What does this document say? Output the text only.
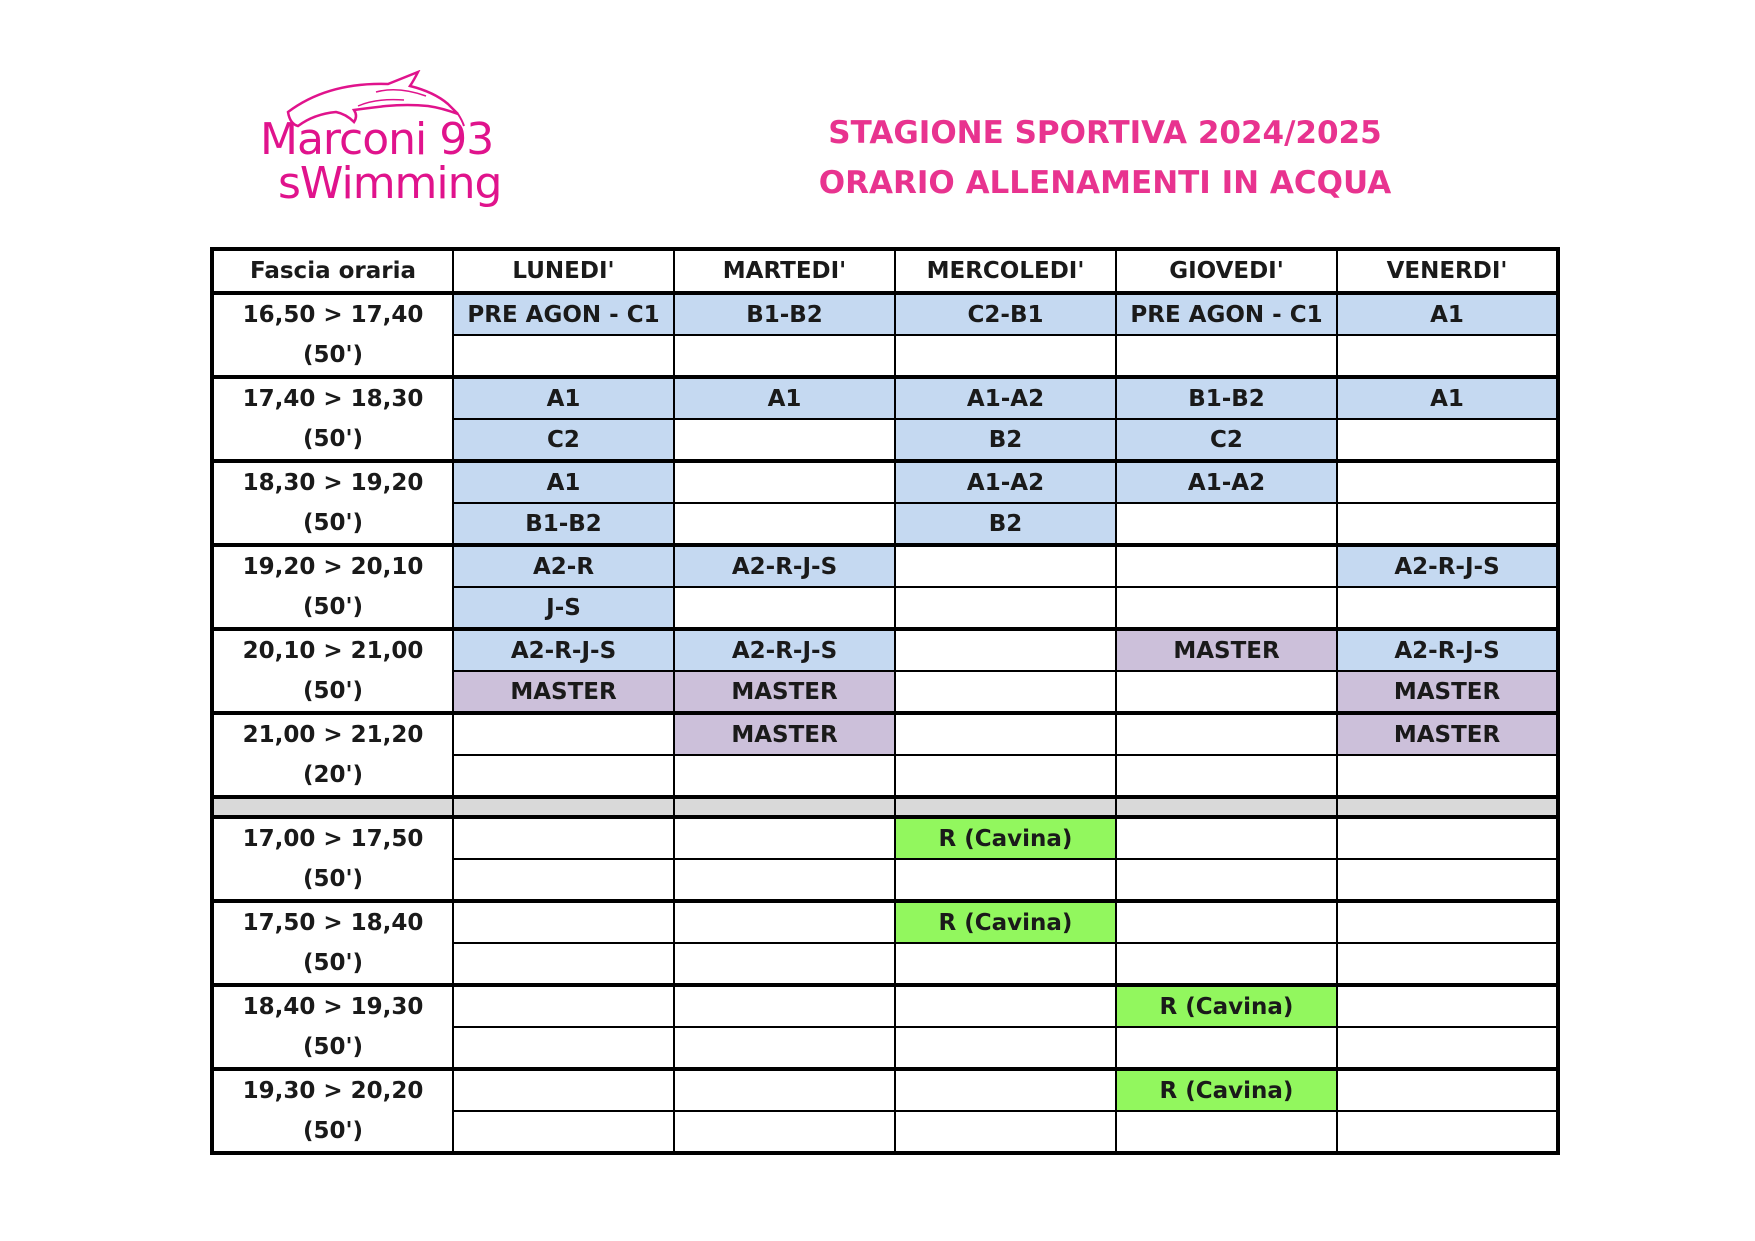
Marconi 93
sWimming
STAGIONE SPORTIVA 2024/2025
ORARIO ALLENAMENTI IN ACQUA
Fascia oraria	LUNEDI'	MARTEDI'	MERCOLEDI'	GIOVEDI'	VENERDI'

16,50 > 17,40
(50')	PRE AGON - C1	B1-B2	C2-B1	PRE AGON - C1	A1

17,40 > 18,30
(50')	A1	A1	A1-A2	B1-B2	A1
	C2		B2	C2	

18,30 > 19,20
(50')	A1		A1-A2	A1-A2	
	B1-B2		B2		

19,20 > 20,10
(50')	A2-R	A2-R-J-S			A2-R-J-S
	J-S				

20,10 > 21,00
(50')	A2-R-J-S	A2-R-J-S		MASTER	A2-R-J-S
	MASTER	MASTER			MASTER

21,00 > 21,20
(20')		MASTER			MASTER

17,00 > 17,50
(50')			R (Cavina)		

17,50 > 18,40
(50')			R (Cavina)		

18,40 > 19,30
(50')				R (Cavina)	

19,30 > 20,20
(50')				R (Cavina)	
